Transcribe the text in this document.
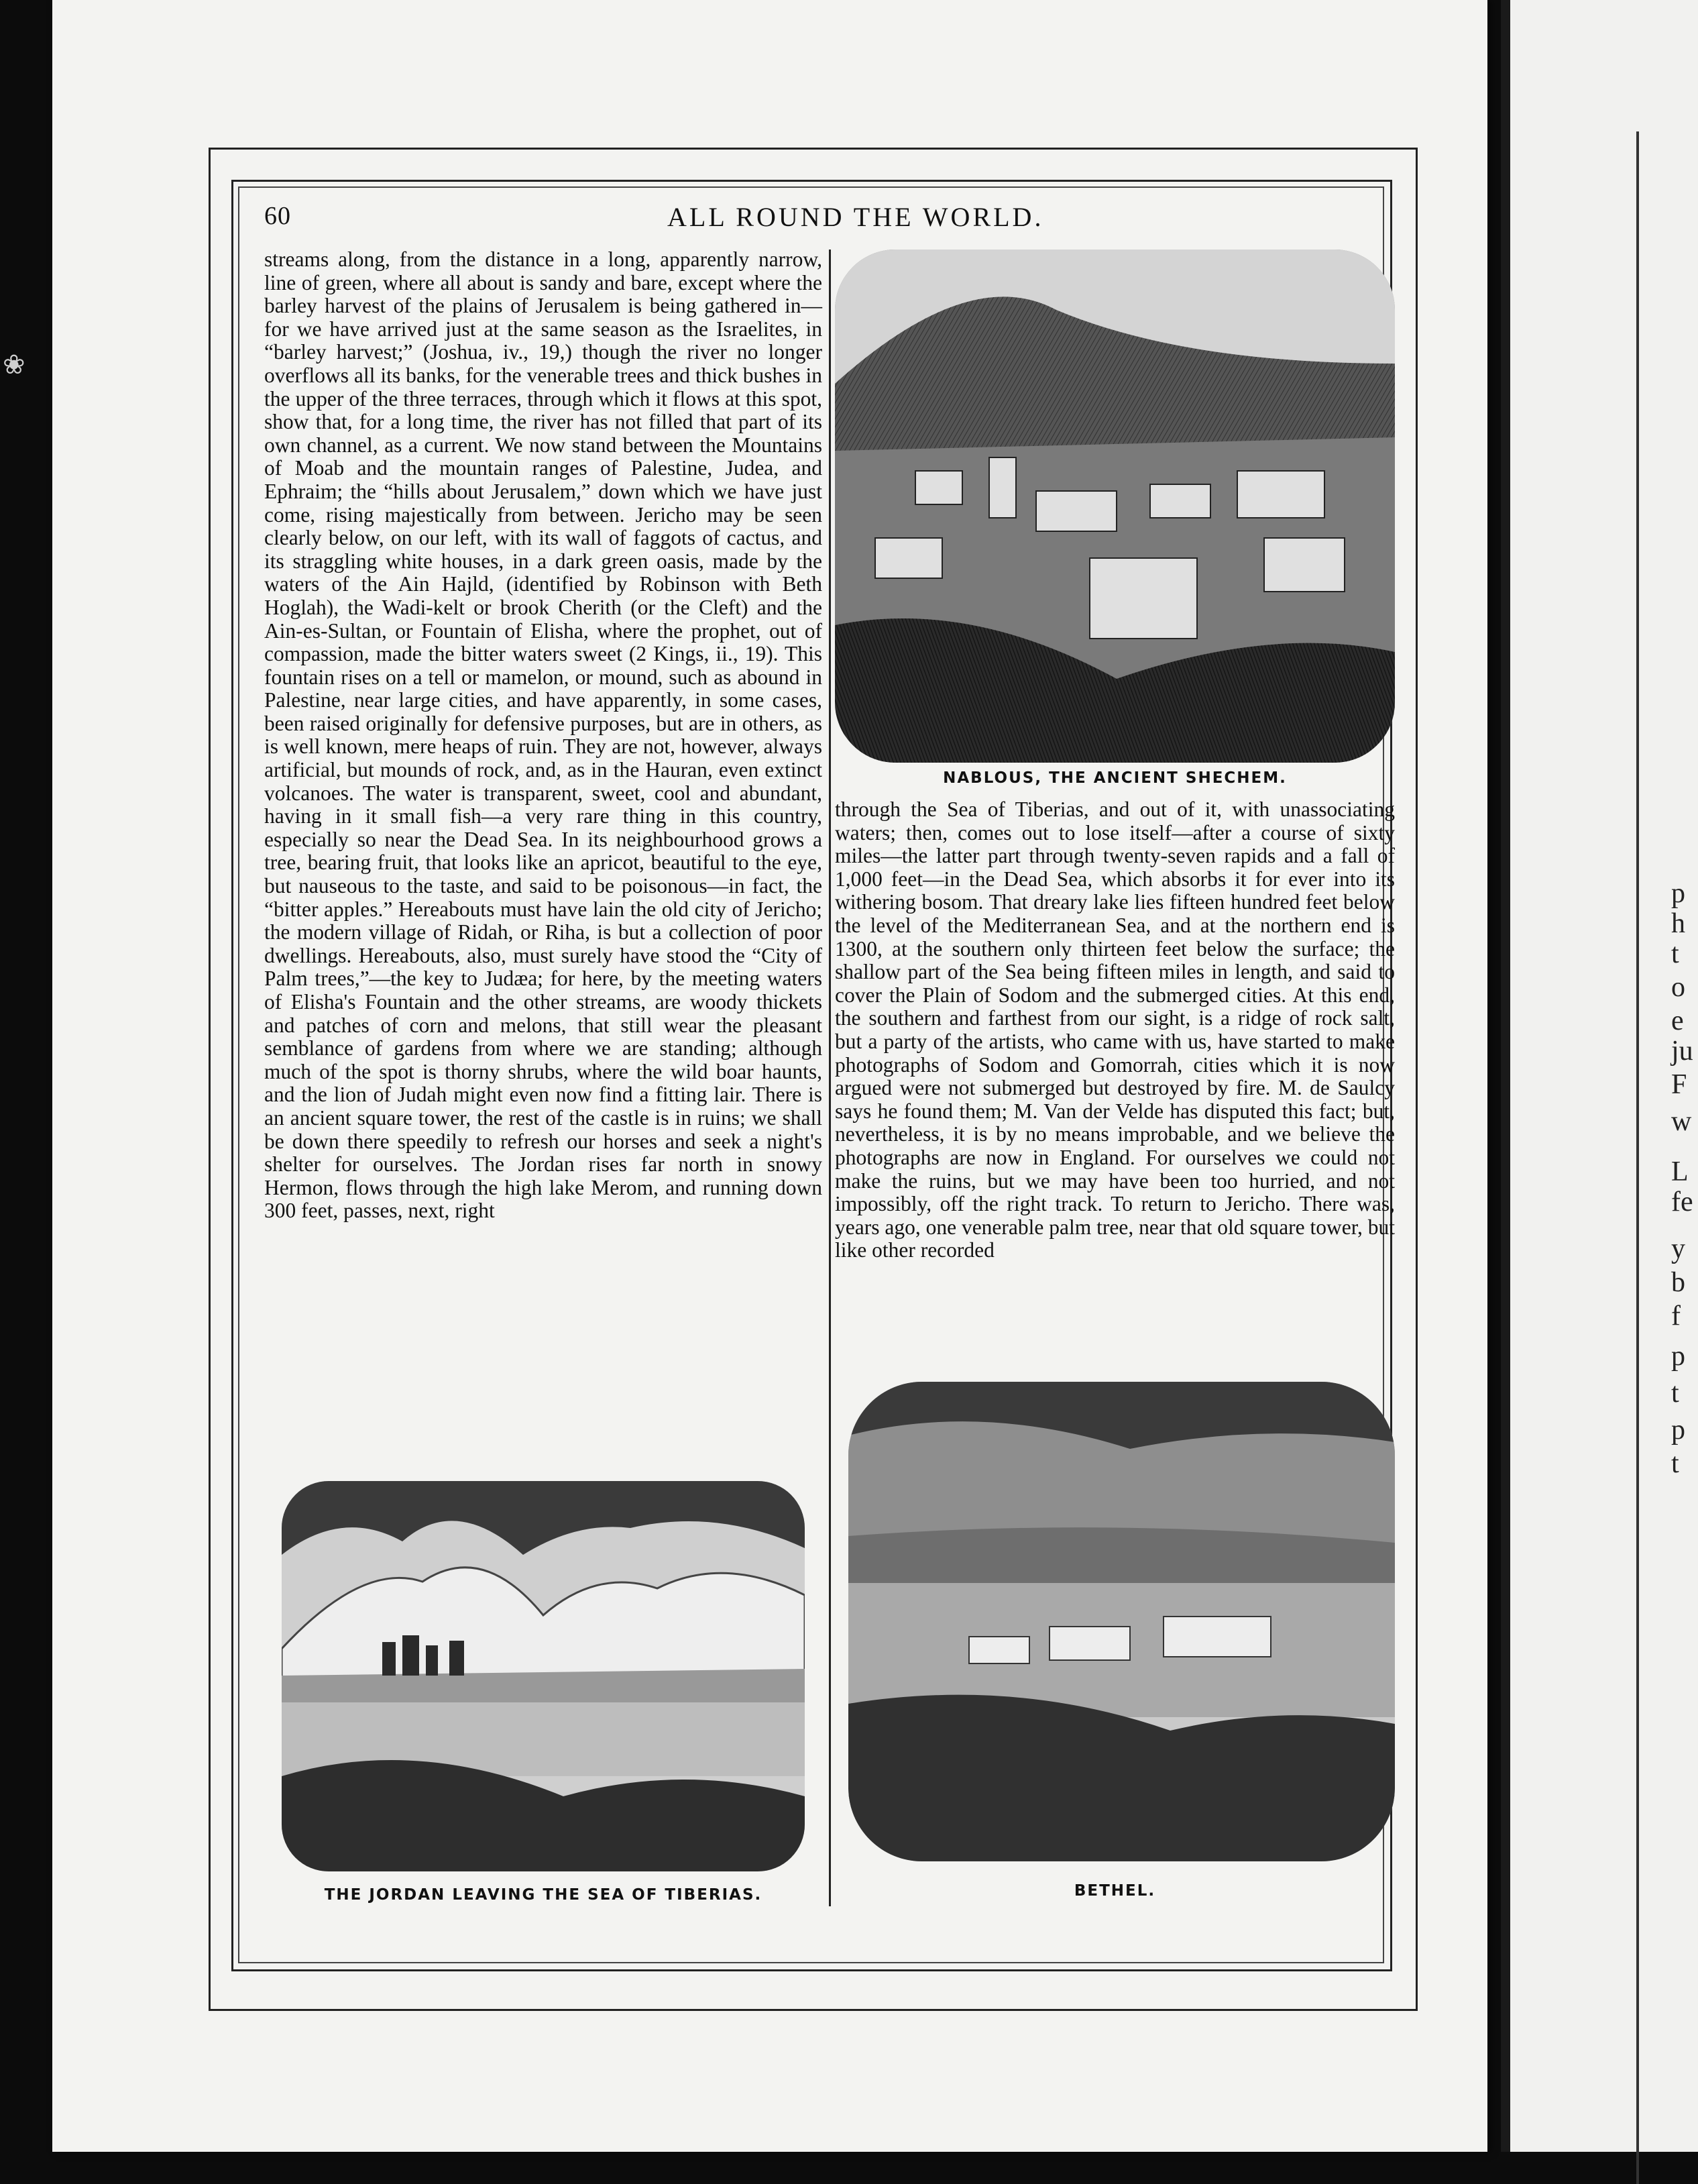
❀
p
h
t
o
e
ju
F
w
L
fe
y
b
f
p
t
p
t
60	ALL ROUND THE WORLD.

streams along, from the distance in a long, apparently narrow, line of green, where all about is sandy and bare, except where the barley harvest of the plains of Jerusalem is being gathered in—for we have arrived just at the same season as the Israelites, in “barley harvest;” (Joshua, iv., 19,) though the river no longer overflows all its banks, for the venerable trees and thick bushes in the upper of the three terraces, through which it flows at this spot, show that, for a long time, the river has not filled that part of its own channel, as a current. We now stand between the Mountains of Moab and the mountain ranges of Palestine, Judea, and Ephraim; the “hills about Jerusalem,” down which we have just come, rising majestically from between. Jericho may be seen clearly below, on our left, with its wall of faggots of cactus, and its straggling white houses, in a dark green oasis, made by the waters of the Ain Hajld, (identified by Robinson with Beth Hoglah), the Wadi-kelt or brook Cherith (or the Cleft) and the Ain-es-Sultan, or Fountain of Elisha, where the prophet, out of compassion, made the bitter waters sweet (2 Kings, ii., 19). This fountain rises on a tell or mamelon, or mound, such as abound in Palestine, near large cities, and have apparently, in some cases, been raised originally for defensive purposes, but are in others, as is well known, mere heaps of ruin. They are not, however, always artificial, but mounds of rock, and, as in the Hauran, even extinct volcanoes. The water is transparent, sweet, cool and abundant, having in it small fish—a very rare thing in this country, especially so near the Dead Sea. In its neighbourhood grows a tree, bearing fruit, that looks like an apricot, beautiful to the eye, but nauseous to the taste, and said to be poisonous—in fact, the “bitter apples.” Hereabouts must have lain the old city of Jericho; the modern village of Ridah, or Riha, is but a collection of poor dwellings. Hereabouts, also, must surely have stood the “City of Palm trees,”—the key to Judæa; for here, by the meeting waters of Elisha's Fountain and the other streams, are woody thickets and patches of corn and melons, that still wear the pleasant semblance of gardens from where we are standing; although much of the spot is thorny shrubs, where the wild boar haunts, and the lion of Judah might even now find a fitting lair. There is an ancient square tower, the rest of the castle is in ruins; we shall be down there speedily to refresh our horses and seek a night's shelter for ourselves. The Jordan rises far north in snowy Hermon, flows through the high lake Merom, and running down 300 feet, passes, next, right

NABLOUS, THE ANCIENT SHECHEM.

through the Sea of Tiberias, and out of it, with unassociating waters; then, comes out to lose itself—after a course of sixty miles—the latter part through twenty-seven rapids and a fall of 1,000 feet—in the Dead Sea, which absorbs it for ever into its withering bosom. That dreary lake lies fifteen hundred feet below the level of the Mediterranean Sea, and at the northern end is 1300, at the southern only thirteen feet below the surface; the shallow part of the Sea being fifteen miles in length, and said to cover the Plain of Sodom and the submerged cities. At this end, the southern and farthest from our sight, is a ridge of rock salt, but a party of the artists, who came with us, have started to make photographs of Sodom and Gomorrah, cities which it is now argued were not submerged but destroyed by fire. M. de Saulcy says he found them; M. Van der Velde has disputed this fact; but, nevertheless, it is by no means improbable, and we believe the photographs are now in England. For ourselves we could not make the ruins, but we may have been too hurried, and not impossibly, off the right track. To return to Jericho. There was, years ago, one venerable palm tree, near that old square tower, but like other recorded

THE JORDAN LEAVING THE SEA OF TIBERIAS.	BETHEL.
